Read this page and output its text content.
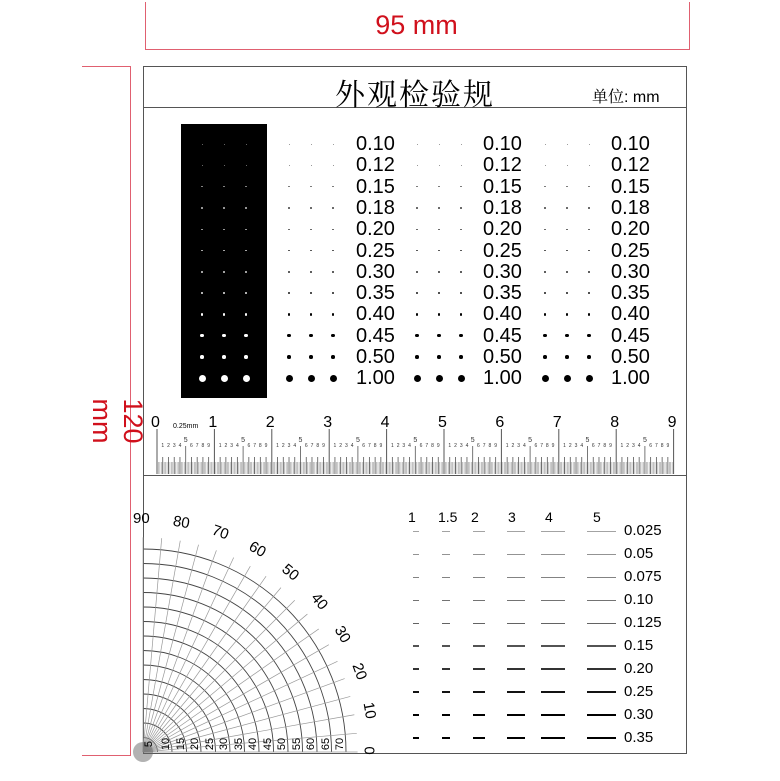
95 mm
120 mm
外观检验规	单位: mm
0.10	0.10	0.10
0.12	0.12	0.12
0.15	0.15	0.15
0.18	0.18	0.18
0.20	0.20	0.20
0.25	0.25	0.25
0.30	0.30	0.30
0.35	0.35	0.35
0.40	0.40	0.40
0.45	0.45	0.45
0.50	0.50	0.50
1.00	1.00	1.00
1 2 3 4
5
6 7 8 9 1 2 3 4
5
6 7 8 9 1 2 3 4
5
6 7 8 9 1 2 3 4
5
6 7 8 9 1 2 3 4
5
6 7 8 9 1 2 3 4
5
6 7 8 9 1 2 3 4
5
6 7 8 9 1 2 3 4
5
6 7 8 9 1 2 3 4
5
6 7 8 9
0	1	2	3	4	5	6	7	8	9
0.25mm
90 80 70
60
50
40
30
20
10
0
5 10 15 20 25 30 35 40 45 50 55 60 65 70
1 1.5 2 3 4	5
0.025
0.05
0.075
0.10
0.125
0.15
0.20
0.25
0.30
0.35
